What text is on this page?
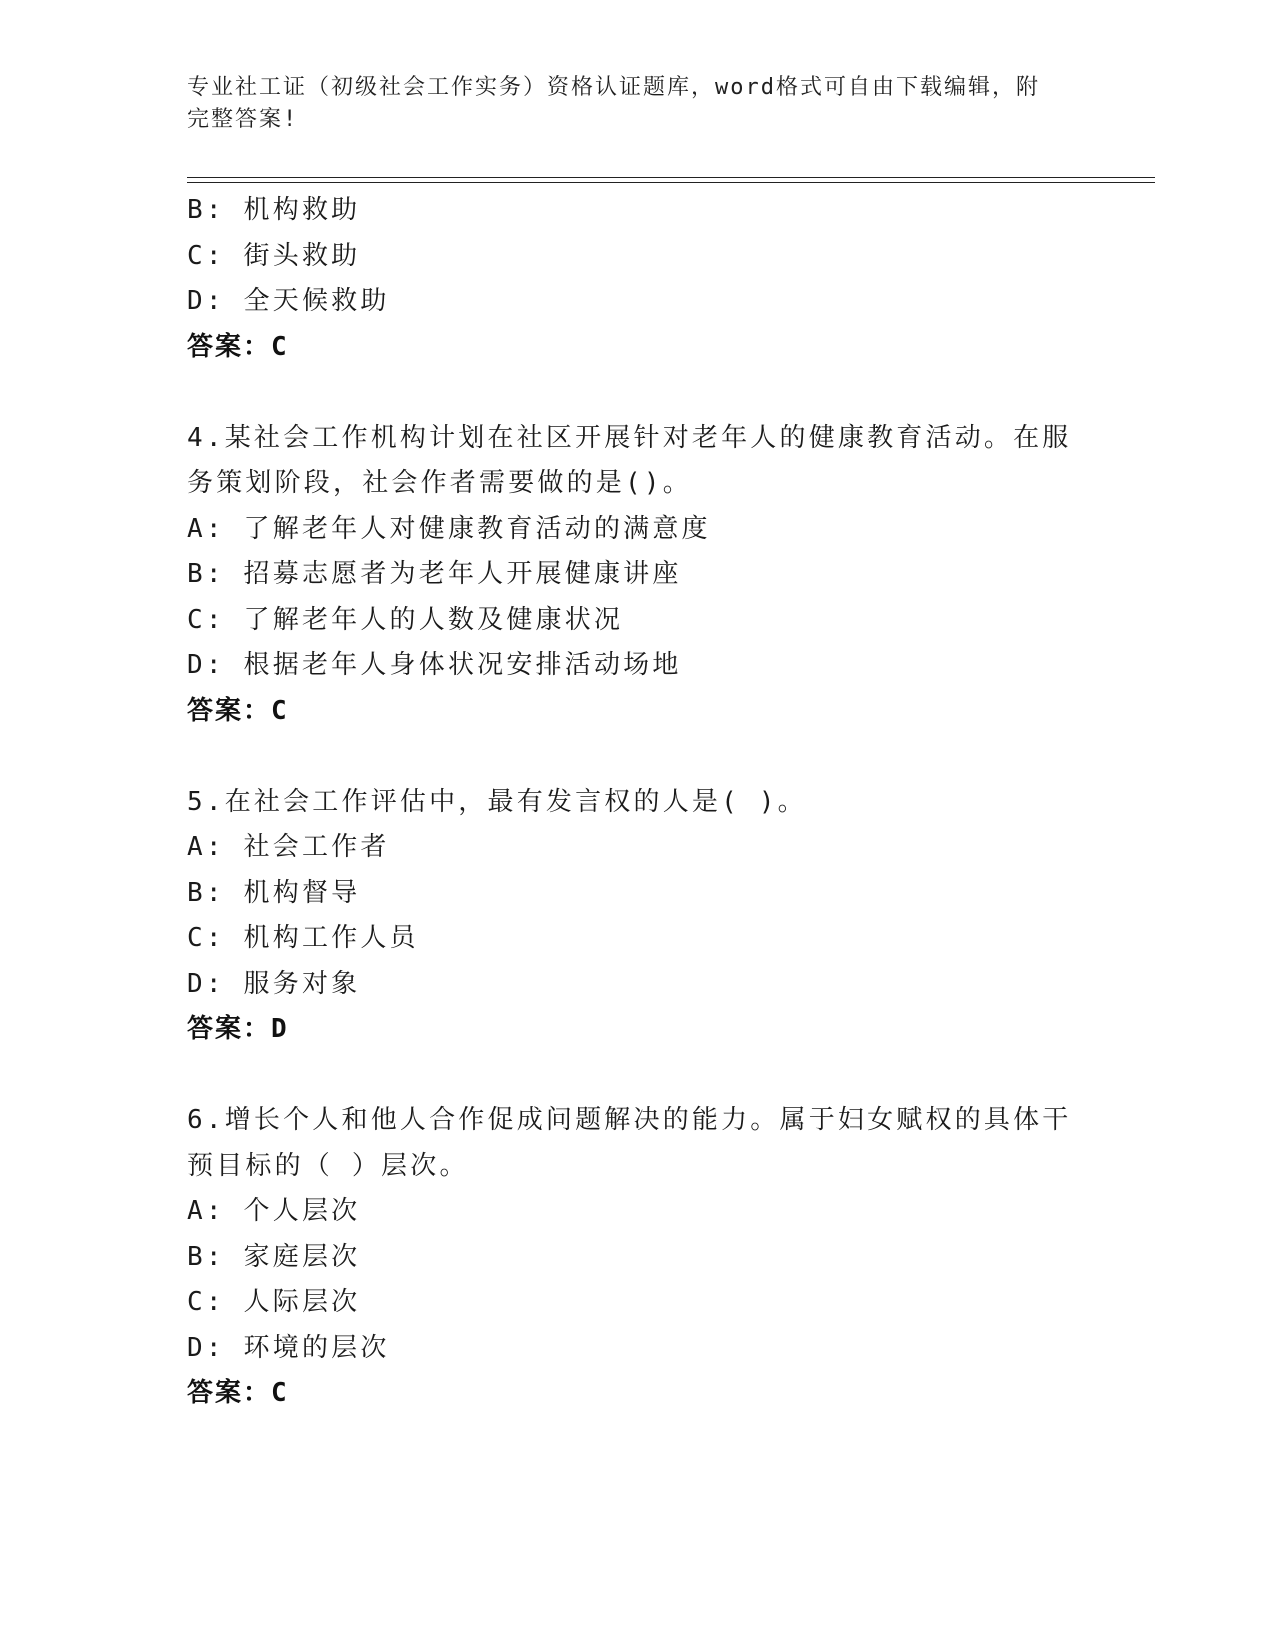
专业社工证（初级社会工作实务）资格认证题库，word格式可自由下载编辑，附
完整答案!
B: 机构救助
C: 街头救助
D: 全天候救助
答案：C
4.某社会工作机构计划在社区开展针对老年人的健康教育活动。在服
务策划阶段，社会作者需要做的是()。
A: 了解老年人对健康教育活动的满意度
B: 招募志愿者为老年人开展健康讲座
C: 了解老年人的人数及健康状况
D: 根据老年人身体状况安排活动场地
答案：C
5.在社会工作评估中，最有发言权的人是( )。
A: 社会工作者
B: 机构督导
C: 机构工作人员
D: 服务对象
答案：D
6.增长个人和他人合作促成问题解决的能力。属于妇女赋权的具体干
预目标的（ ）层次。
A: 个人层次
B: 家庭层次
C: 人际层次
D: 环境的层次
答案：C
